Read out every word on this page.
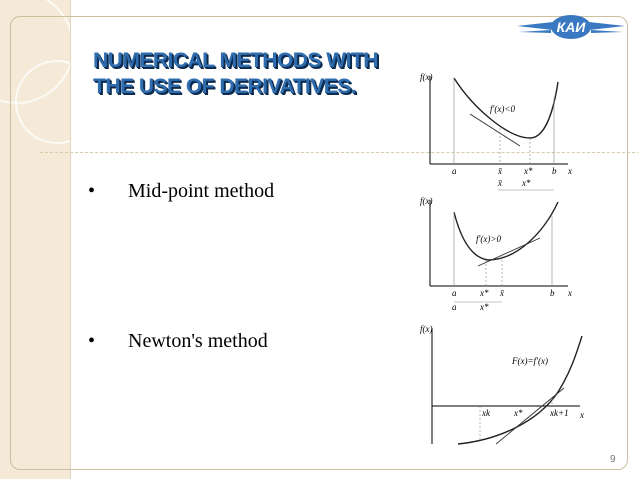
КАИ
NUMERICAL METHODS WITH THE USE OF DERIVATIVES.
•	Mid-point method
•	Newton's method
f(x)
x
f'(x)<0
a	x̄ x* b
x̄ x*
f(x)
x
f'(x)>0
a	x* x̄	b
a	x*
f(x)
x
F(x)=f'(x)
xk	x*	xk+1
9
